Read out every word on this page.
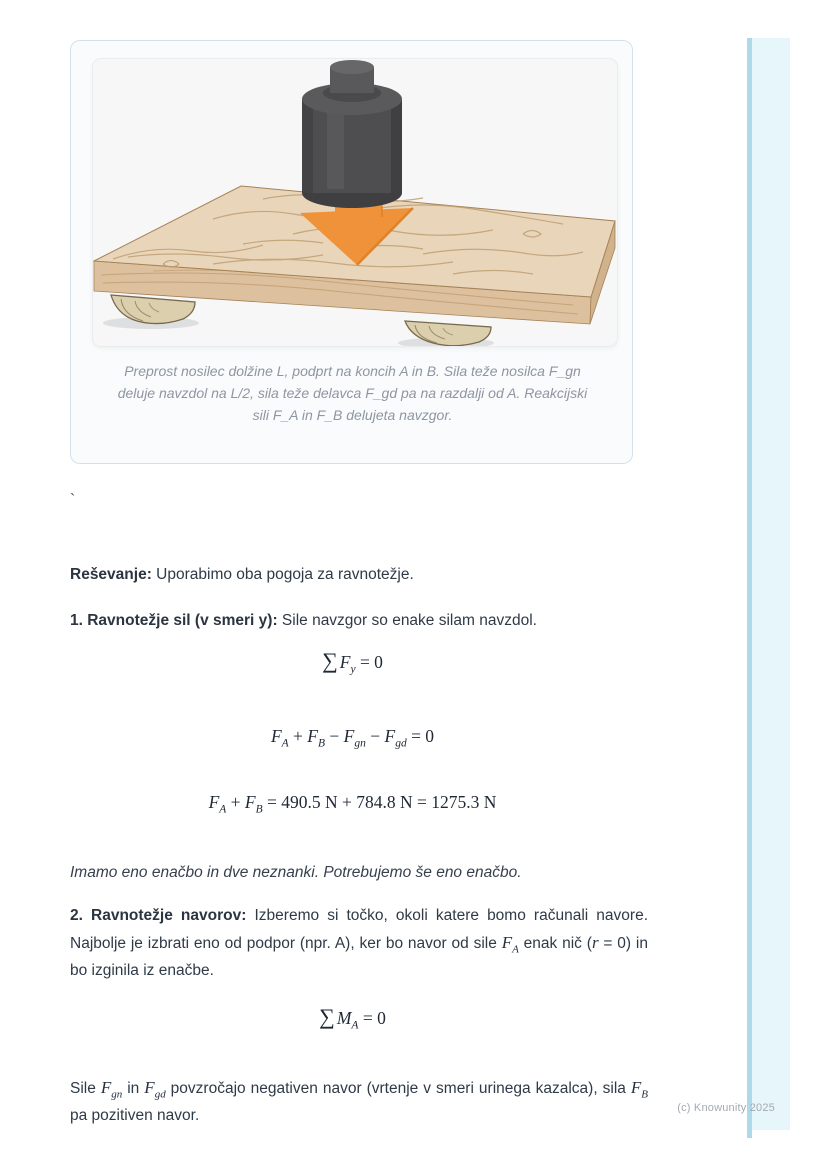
Preprost nosilec dolžine L, podprt na koncih A in B. Sila teže nosilca F_gn
deluje navzdol na L/2, sila teže delavca F_gd pa na razdalji od A. Reakcijski
sili F_A in F_B delujeta navzgor.
`

Reševanje: Uporabimo oba pogoja za ravnotežje.

1. Ravnotežje sil (v smeri y): Sile navzgor so enake silam navzdol.

∑ $F_y = 0$
$F_A + F_B - F_{gn} - F_{gd} = 0$
$F_A + F_B = 490.5$ N + 784.8 N = 1275.3 N

Imamo eno enačbo in dve neznanki. Potrebujemo še eno enačbo.

2. Ravnotežje navorov: Izberemo si točko, okoli katere bomo računali navore. Najbolje je izbrati eno od podpor (npr. A), ker bo navor od sile $F_A$ enak nič (r = 0) in bo izginila iz enačbe.

∑ $M_A = 0$

Sile $F_{gn}$ in $F_{gd}$ povzročajo negativen navor (vrtenje v smeri urinega kazalca), sila $F_B$ pa pozitiven navor.	(c) Knowunity 2025
